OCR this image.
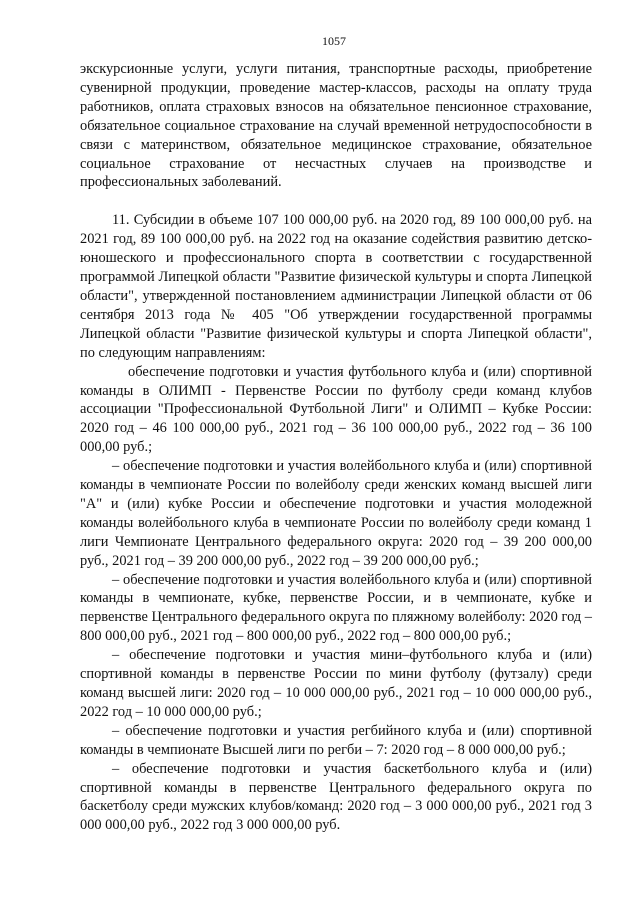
1057

экскурсионные услуги, услуги питания, транспортные расходы, приобретение сувенирной продукции, проведение мастер-классов, расходы на оплату труда работников, оплата страховых взносов на обязательное пенсионное страхование, обязательное социальное страхование на случай временной нетрудоспособности в связи с материнством, обязательное медицинское страхование, обязательное социальное страхование от несчастных случаев на производстве и профессиональных заболеваний.

11. Субсидии в объеме 107 100 000,00 руб. на 2020 год, 89 100 000,00 руб. на 2021 год, 89 100 000,00 руб. на 2022 год на оказание содействия развитию детско-юношеского и профессионального спорта в соответствии с государственной программой Липецкой области "Развитие физической культуры и спорта Липецкой области", утвержденной постановлением администрации Липецкой области от 06 сентября 2013 года № 405 "Об утверждении государственной программы Липецкой области "Развитие физической культуры и спорта Липецкой области", по следующим направлениям:

обеспечение подготовки и участия футбольного клуба и (или) спортивной команды в ОЛИМП - Первенстве России по футболу среди команд клубов ассоциации "Профессиональной Футбольной Лиги" и ОЛИМП – Кубке России: 2020 год – 46 100 000,00 руб., 2021 год – 36 100 000,00 руб., 2022 год – 36 100 000,00 руб.;

– обеспечение подготовки и участия волейбольного клуба и (или) спортивной команды в чемпионате России по волейболу среди женских команд высшей лиги "А" и (или) кубке России и обеспечение подготовки и участия молодежной команды волейбольного клуба в чемпионате России по волейболу среди команд 1 лиги Чемпионате Центрального федерального округа: 2020 год – 39 200 000,00 руб., 2021 год – 39 200 000,00 руб., 2022 год – 39 200 000,00 руб.;

– обеспечение подготовки и участия волейбольного клуба и (или) спортивной команды в чемпионате, кубке, первенстве России, и в чемпионате, кубке и первенстве Центрального федерального округа по пляжному волейболу: 2020 год – 800 000,00 руб., 2021 год – 800 000,00 руб., 2022 год – 800 000,00 руб.;

– обеспечение подготовки и участия мини–футбольного клуба и (или) спортивной команды в первенстве России по мини футболу (футзалу) среди команд высшей лиги: 2020 год – 10 000 000,00 руб., 2021 год – 10 000 000,00 руб., 2022 год – 10 000 000,00 руб.;

– обеспечение подготовки и участия регбийного клуба и (или) спортивной команды в чемпионате Высшей лиги по регби – 7: 2020 год – 8 000 000,00 руб.;

– обеспечение подготовки и участия баскетбольного клуба и (или) спортивной команды в первенстве Центрального федерального округа по баскетболу среди мужских клубов/команд: 2020 год – 3 000 000,00 руб., 2021 год 3 000 000,00 руб., 2022 год 3 000 000,00 руб.
